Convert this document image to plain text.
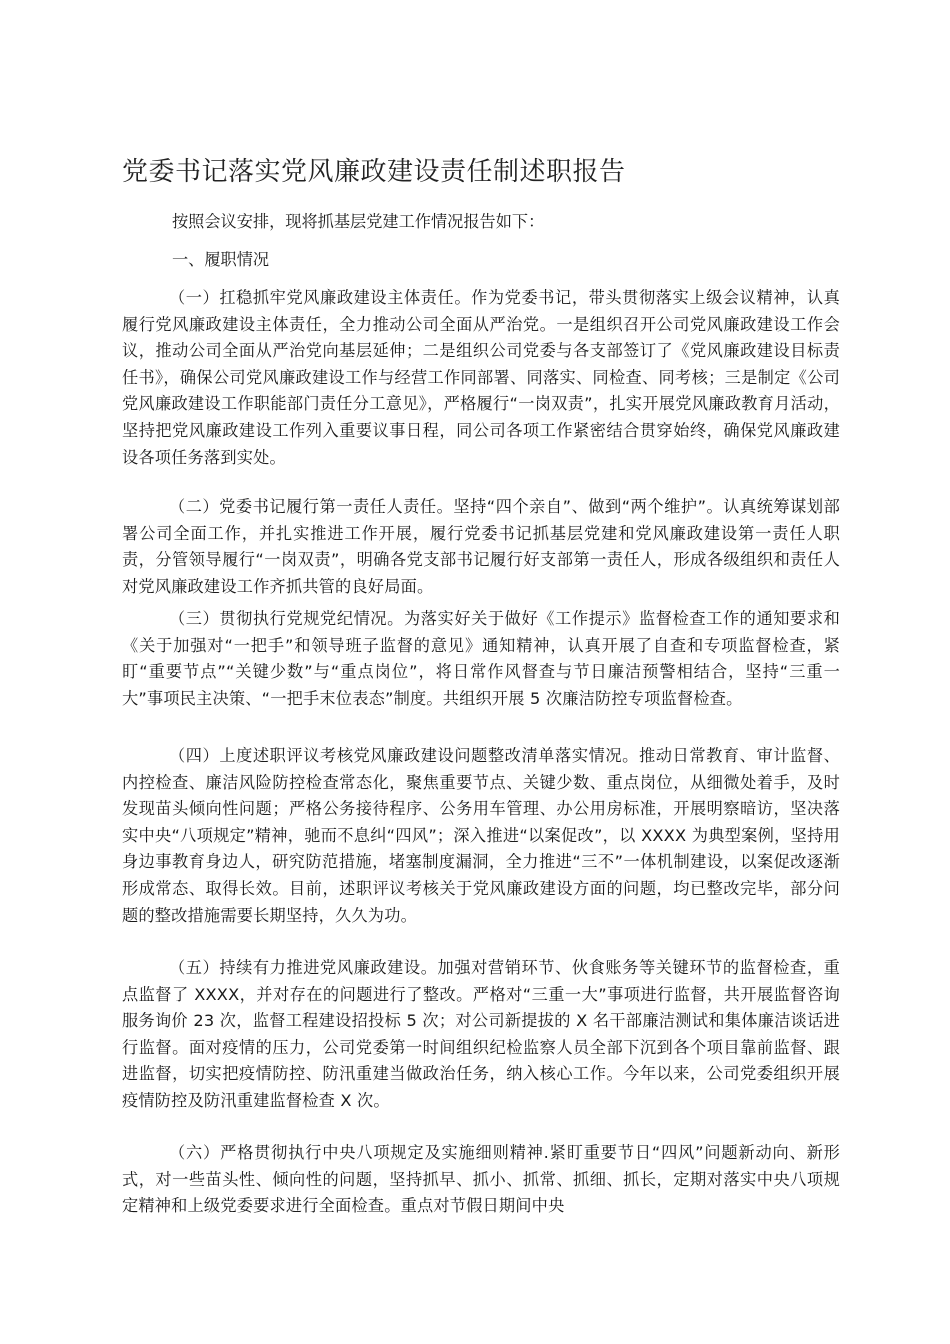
党委书记落实党风廉政建设责任制述职报告
按照会议安排，现将抓基层党建工作情况报告如下：
一、履职情况

（一）扛稳抓牢党风廉政建设主体责任。作为党委书记，带头贯彻落实上级会议精神，认真履行党风廉政建设主体责任，全力推动公司全面从严治党。一是组织召开公司党风廉政建设工作会议，推动公司全面从严治党向基层延伸；二是组织公司党委与各支部签订了《党风廉政建设目标责任书》，确保公司党风廉政建设工作与经营工作同部署、同落实、同检查、同考核；三是制定《公司党风廉政建设工作职能部门责任分工意见》，严格履行“一岗双责”，扎实开展党风廉政教育月活动，坚持把党风廉政建设工作列入重要议事日程，同公司各项工作紧密结合贯穿始终，确保党风廉政建设各项任务落到实处。

（二）党委书记履行第一责任人责任。坚持“四个亲自”、做到“两个维护”。认真统筹谋划部署公司全面工作，并扎实推进工作开展，履行党委书记抓基层党建和党风廉政建设第一责任人职责，分管领导履行“一岗双责”，明确各党支部书记履行好支部第一责任人，形成各级组织和责任人对党风廉政建设工作齐抓共管的良好局面。

（三）贯彻执行党规党纪情况。为落实好关于做好《工作提示》监督检查工作的通知要求和《关于加强对“一把手”和领导班子监督的意见》通知精神，认真开展了自查和专项监督检查，紧盯“重要节点”“关键少数”与“重点岗位”，将日常作风督查与节日廉洁预警相结合，坚持“三重一大”事项民主决策、“一把手末位表态”制度。共组织开展 5 次廉洁防控专项监督检查。

（四）上度述职评议考核党风廉政建设问题整改清单落实情况。推动日常教育、审计监督、内控检查、廉洁风险防控检查常态化，聚焦重要节点、关键少数、重点岗位，从细微处着手，及时发现苗头倾向性问题；严格公务接待程序、公务用车管理、办公用房标准，开展明察暗访，坚决落实中央“八项规定”精神，驰而不息纠“四风”；深入推进“以案促改”，以 XXXX 为典型案例，坚持用身边事教育身边人，研究防范措施，堵塞制度漏洞，全力推进“三不”一体机制建设，以案促改逐渐形成常态、取得长效。目前，述职评议考核关于党风廉政建设方面的问题，均已整改完毕，部分问题的整改措施需要长期坚持，久久为功。

（五）持续有力推进党风廉政建设。加强对营销环节、伙食账务等关键环节的监督检查，重点监督了 XXXX，并对存在的问题进行了整改。严格对“三重一大”事项进行监督，共开展监督咨询服务询价 23 次，监督工程建设招投标 5 次；对公司新提拔的 X 名干部廉洁测试和集体廉洁谈话进行监督。面对疫情的压力，公司党委第一时间组织纪检监察人员全部下沉到各个项目靠前监督、跟进监督，切实把疫情防控、防汛重建当做政治任务，纳入核心工作。今年以来，公司党委组织开展疫情防控及防汛重建监督检查 X 次。

（六）严格贯彻执行中央八项规定及实施细则精神.紧盯重要节日“四风”问题新动向、新形式，对一些苗头性、倾向性的问题，坚持抓早、抓小、抓常、抓细、抓长，定期对落实中央八项规定精神和上级党委要求进行全面检查。重点对节假日期间中央
